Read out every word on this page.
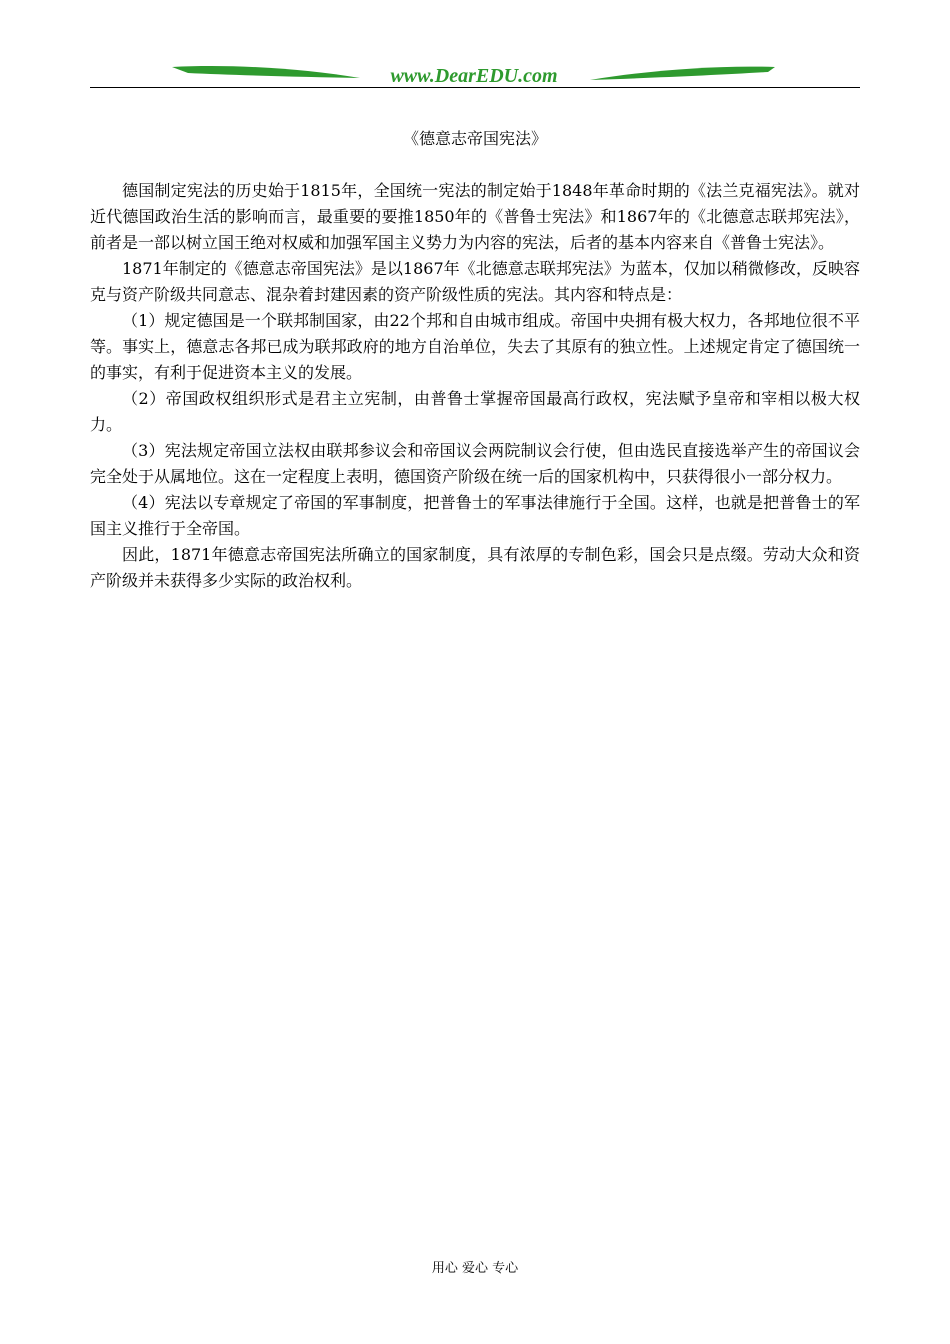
www.DearEDU.com
《德意志帝国宪法》

德国制定宪法的历史始于1815年，全国统一宪法的制定始于1848年革命时期的《法兰克福宪法》。就对近代德国政治生活的影响而言，最重要的要推1850年的《普鲁士宪法》和1867年的《北德意志联邦宪法》，前者是一部以树立国王绝对权威和加强军国主义势力为内容的宪法，后者的基本内容来自《普鲁士宪法》。

1871年制定的《德意志帝国宪法》是以1867年《北德意志联邦宪法》为蓝本，仅加以稍微修改，反映容克与资产阶级共同意志、混杂着封建因素的资产阶级性质的宪法。其内容和特点是：

（1）规定德国是一个联邦制国家，由22个邦和自由城市组成。帝国中央拥有极大权力，各邦地位很不平等。事实上，德意志各邦已成为联邦政府的地方自治单位，失去了其原有的独立性。上述规定肯定了德国统一的事实，有利于促进资本主义的发展。

（2）帝国政权组织形式是君主立宪制，由普鲁士掌握帝国最高行政权，宪法赋予皇帝和宰相以极大权力。

（3）宪法规定帝国立法权由联邦参议会和帝国议会两院制议会行使，但由选民直接选举产生的帝国议会完全处于从属地位。这在一定程度上表明，德国资产阶级在统一后的国家机构中，只获得很小一部分权力。

（4）宪法以专章规定了帝国的军事制度，把普鲁士的军事法律施行于全国。这样，也就是把普鲁士的军国主义推行于全帝国。

因此，1871年德意志帝国宪法所确立的国家制度，具有浓厚的专制色彩，国会只是点缀。劳动大众和资产阶级并未获得多少实际的政治权利。

用心 爱心 专心
